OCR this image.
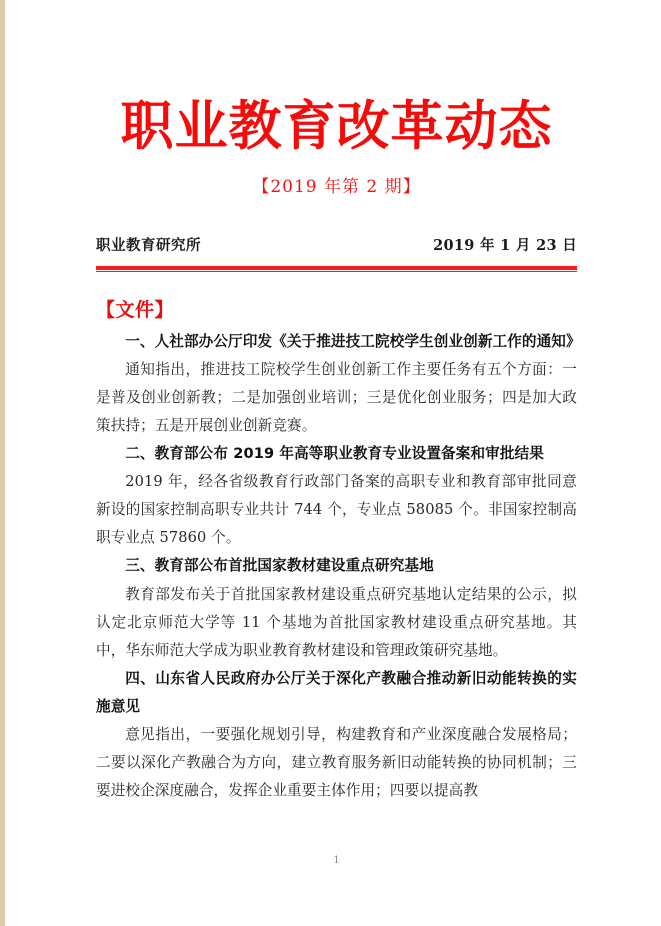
职业教育改革动态
【2019 年第 2 期】
职业教育研究所	2019 年 1 月 23 日
【文件】

一、人社部办公厅印发《关于推进技工院校学生创业创新工作的通知》

通知指出，推进技工院校学生创业创新工作主要任务有五个方面：一是普及创业创新教；二是加强创业培训；三是优化创业服务；四是加大政策扶持；五是开展创业创新竞赛。

二、教育部公布 2019 年高等职业教育专业设置备案和审批结果

2019 年，经各省级教育行政部门备案的高职专业和教育部审批同意新设的国家控制高职专业共计 744 个，专业点 58085 个。非国家控制高职专业点 57860 个。

三、教育部公布首批国家教材建设重点研究基地

教育部发布关于首批国家教材建设重点研究基地认定结果的公示，拟认定北京师范大学等 11 个基地为首批国家教材建设重点研究基地。其中，华东师范大学成为职业教育教材建设和管理政策研究基地。

四、山东省人民政府办公厅关于深化产教融合推动新旧动能转换的实施意见

意见指出，一要强化规划引导，构建教育和产业深度融合发展格局；二要以深化产教融合为方向，建立教育服务新旧动能转换的协同机制；三要进校企深度融合，发挥企业重要主体作用；四要以提高教

1
